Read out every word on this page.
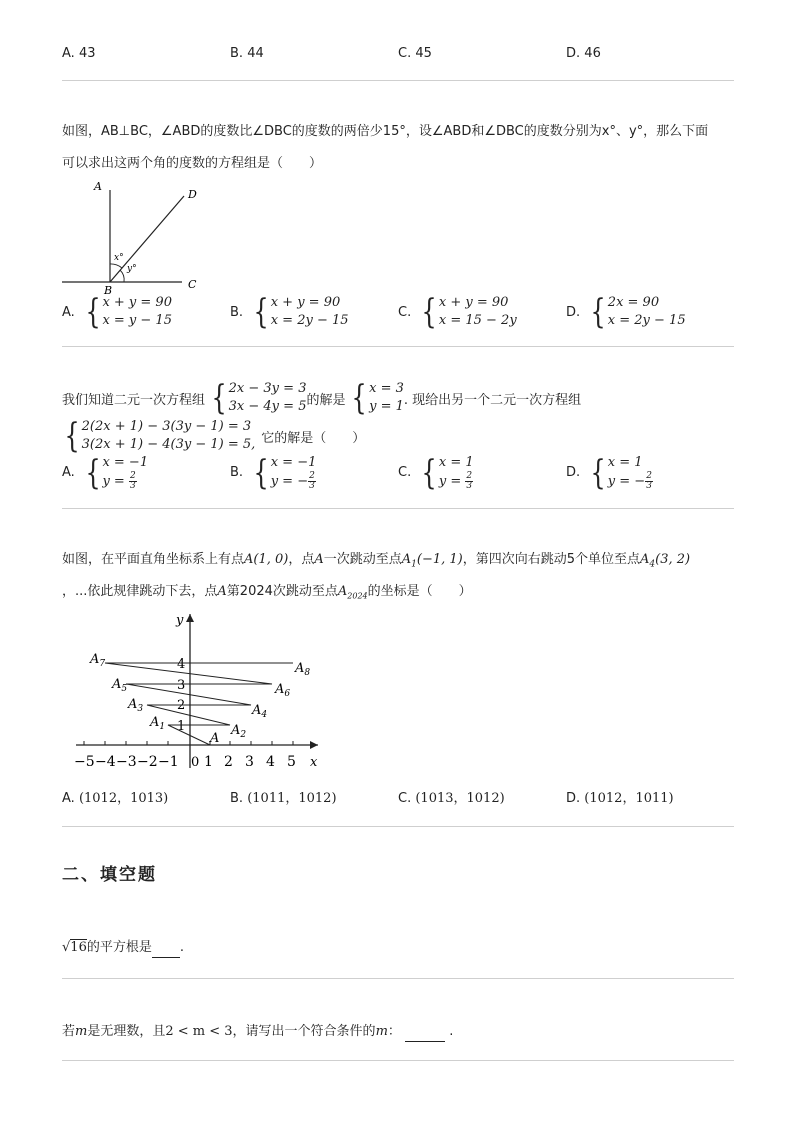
A. 43	B. 44	C. 45	D. 46
如图，AB⊥BC，∠ABD的度数比∠DBC的度数的两倍少15°，设∠ABD和∠DBC的度数分别为x°、y°，那么下面
可以求出这两个角的度数的方程组是（　　）
A
D
C
B
x°
y°
A. { x + y = 90
x = y − 15
B. { x + y = 90
x = 2y − 15
C. { x + y = 90
x = 15 − 2y
D. { 2x = 90
x = 2y − 15
我们知道二元一次方程组 { 2x − 3y = 3
3x − 4y = 5 的解是 { x = 3
y = 1 . 现给出另一个二元一次方程组
{ 2(2x + 1) − 3(3y − 1) = 3
3(2x + 1) − 4(3y − 1) = 5, 它的解是（　　）
A. { x = −1
$y = \frac{2}{3}$	B. { x = −1
y = − $\frac{2}{3}$	C. { x = 1
$y = \frac{2}{3}$	D. { x = 1
y = − $\frac{2}{3}$
如图，在平面直角坐标系上有点A(1, 0)，点A一次跳动至点$A_1(-1$, 1)，第四次向右跳动5个单位至点$A_4(3$, 2)
，...依此规律跳动下去，点A第2024次跳动至点$A_{2024}$的坐标是（　　）
x
y
0
−5 −4 −3 −2 −1 1 2 3 4 5
1
2
3
4
A
$A_1$	$A_2$
$A_3$	$A_4$
$A_5$	$A_6$
$A_7$	$A_8$
A. (1012，1013)	B. (1011，1012)	C. (1013，1012)	D. (1012，1011)
二、填空题
√16的平方根是 .
若m是无理数，且2 < m < 3，请写出一个符合条件的m：	.
